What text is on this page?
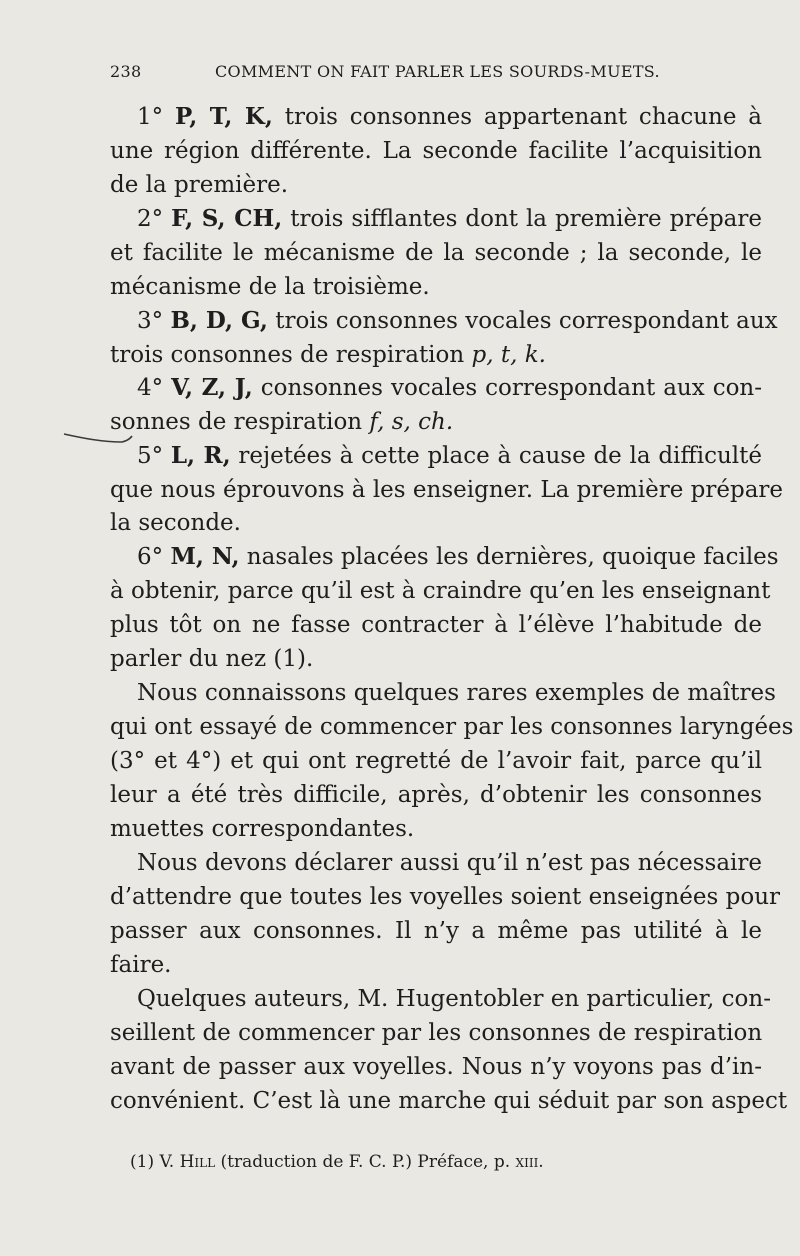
238	COMMENT ON FAIT PARLER LES SOURDS-MUETS.
1° P, T, K, trois consonnes appartenant chacune à
une région différente. La seconde facilite l’acquisition
de la première.
2° F, S, CH, trois sifflantes dont la première prépare
et facilite le mécanisme de la seconde ; la seconde, le
mécanisme de la troisième.
3° B, D, G, trois consonnes vocales correspondant aux
trois consonnes de respiration p, t, k.
4° V, Z, J, consonnes vocales correspondant aux con-
sonnes de respiration f, s, ch.
5° L, R, rejetées à cette place à cause de la difficulté
que nous éprouvons à les enseigner. La première prépare
la seconde.
6° M, N, nasales placées les dernières, quoique faciles
à obtenir, parce qu’il est à craindre qu’en les enseignant
plus tôt on ne fasse contracter à l’élève l’habitude de
parler du nez (1).
Nous connaissons quelques rares exemples de maîtres
qui ont essayé de commencer par les consonnes laryngées
(3° et 4°) et qui ont regretté de l’avoir fait, parce qu’il
leur a été très difficile, après, d’obtenir les consonnes
muettes correspondantes.
Nous devons déclarer aussi qu’il n’est pas nécessaire
d’attendre que toutes les voyelles soient enseignées pour
passer aux consonnes. Il n’y a même pas utilité à le
faire.
Quelques auteurs, M. Hugentobler en particulier, con-
seillent de commencer par les consonnes de respiration
avant de passer aux voyelles. Nous n’y voyons pas d’in-
convénient. C’est là une marche qui séduit par son aspect
(1) V. Hill (traduction de F. C. P.) Préface, p. xiii.
